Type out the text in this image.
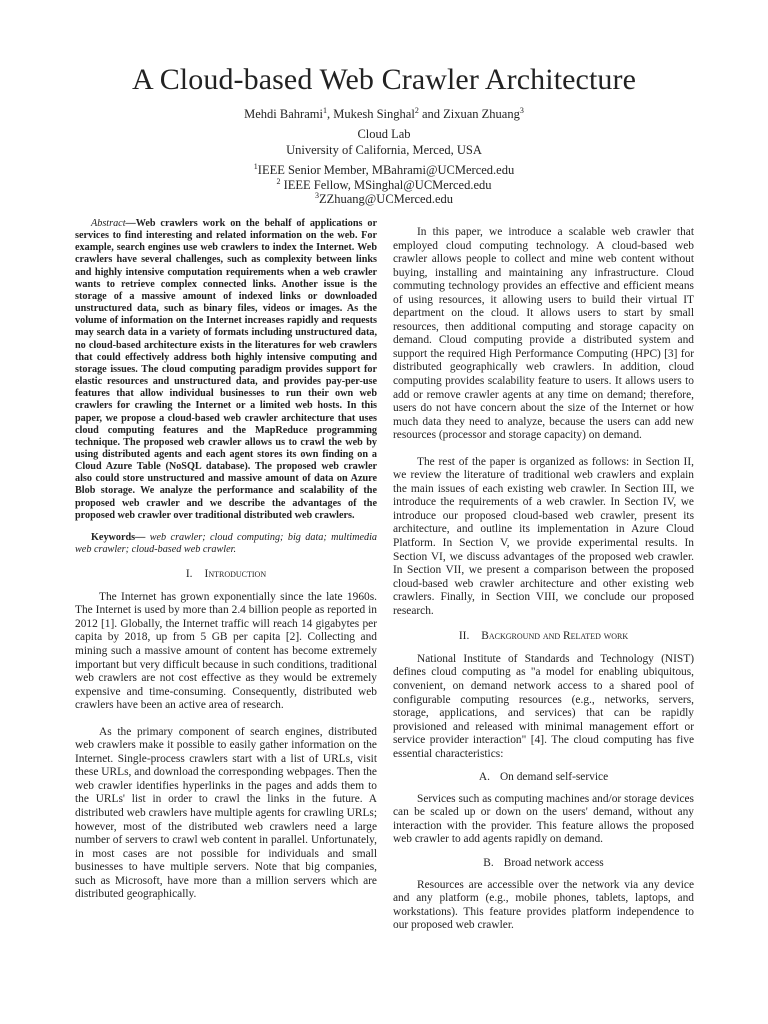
A Cloud-based Web Crawler Architecture
Mehdi Bahrami$^1$, Mukesh Singhal$^2$ and Zixuan Zhuang$^3$
Cloud Lab
University of California, Merced, USA
$^1$IEEE Senior Member, MBahrami@UCMerced.edu
$^2$ IEEE Fellow, MSinghal@UCMerced.edu
$^3$ZZhuang@UCMerced.edu

Abstract—Web crawlers work on the behalf of applications or services to find interesting and related information on the web. For example, search engines use web crawlers to index the Internet. Web crawlers have several challenges, such as complexity between links and highly intensive computation requirements when a web crawler wants to retrieve complex connected links. Another issue is the storage of a massive amount of indexed links or downloaded unstructured data, such as binary files, videos or images. As the volume of information on the Internet increases rapidly and requests may search data in a variety of formats including unstructured data, no cloud-based architecture exists in the literatures for web crawlers that could effectively address both highly intensive computing and storage issues. The cloud computing paradigm provides support for elastic resources and unstructured data, and provides pay-per-use features that allow individual businesses to run their own web crawlers for crawling the Internet or a limited web hosts. In this paper, we propose a cloud-based web crawler architecture that uses cloud computing features and the MapReduce programming technique. The proposed web crawler allows us to crawl the web by using distributed agents and each agent stores its own finding on a Cloud Azure Table (NoSQL database). The proposed web crawler also could store unstructured and massive amount of data on Azure Blob storage. We analyze the performance and scalability of the proposed web crawler and we describe the advantages of the proposed web crawler over traditional distributed web crawlers.

Keywords— web crawler; cloud computing; big data; multimedia web crawler; cloud-based web crawler.

I. Introduction

The Internet has grown exponentially since the late 1960s. The Internet is used by more than 2.4 billion people as reported in 2012 [1]. Globally, the Internet traffic will reach 14 gigabytes per capita by 2018, up from 5 GB per capita [2]. Collecting and mining such a massive amount of content has become extremely important but very difficult because in such conditions, traditional web crawlers are not cost effective as they would be extremely expensive and time-consuming. Consequently, distributed web crawlers have been an active area of research.

As the primary component of search engines, distributed web crawlers make it possible to easily gather information on the Internet. Single-process crawlers start with a list of URLs, visit these URLs, and download the corresponding webpages. Then the web crawler identifies hyperlinks in the pages and adds them to the URLs' list in order to crawl the links in the future. A distributed web crawlers have multiple agents for crawling URLs; however, most of the distributed web crawlers need a large number of servers to crawl web content in parallel. Unfortunately, in most cases are not possible for individuals and small businesses to have multiple servers. Note that big companies, such as Microsoft, have more than a million servers which are distributed geographically.

In this paper, we introduce a scalable web crawler that employed cloud computing technology. A cloud-based web crawler allows people to collect and mine web content without buying, installing and maintaining any infrastructure. Cloud commuting technology provides an effective and efficient means of using resources, it allowing users to build their virtual IT department on the cloud. It allows users to start by small resources, then additional computing and storage capacity on demand. Cloud computing provide a distributed system and support the required High Performance Computing (HPC) [3] for distributed geographically web crawlers. In addition, cloud computing provides scalability feature to users. It allows users to add or remove crawler agents at any time on demand; therefore, users do not have concern about the size of the Internet or how much data they need to analyze, because the users can add new resources (processor and storage capacity) on demand.

The rest of the paper is organized as follows: in Section II, we review the literature of traditional web crawlers and explain the main issues of each existing web crawler. In Section III, we introduce the requirements of a web crawler. In Section IV, we introduce our proposed cloud-based web crawler, present its architecture, and outline its implementation in Azure Cloud Platform. In Section V, we provide experimental results. In Section VI, we discuss advantages of the proposed web crawler. In Section VII, we present a comparison between the proposed cloud-based web crawler architecture and other existing web crawlers. Finally, in Section VIII, we conclude our proposed research.

II. Background and Related work

National Institute of Standards and Technology (NIST) defines cloud computing as "a model for enabling ubiquitous, convenient, on demand network access to a shared pool of configurable computing resources (e.g., networks, servers, storage, applications, and services) that can be rapidly provisioned and released with minimal management effort or service provider interaction" [4]. The cloud computing has five essential characteristics:

A. On demand self-service

Services such as computing machines and/or storage devices can be scaled up or down on the users' demand, without any interaction with the provider. This feature allows the proposed web crawler to add agents rapidly on demand.

B. Broad network access

Resources are accessible over the network via any device and any platform (e.g., mobile phones, tablets, laptops, and workstations). This feature provides platform independence to our proposed web crawler.
